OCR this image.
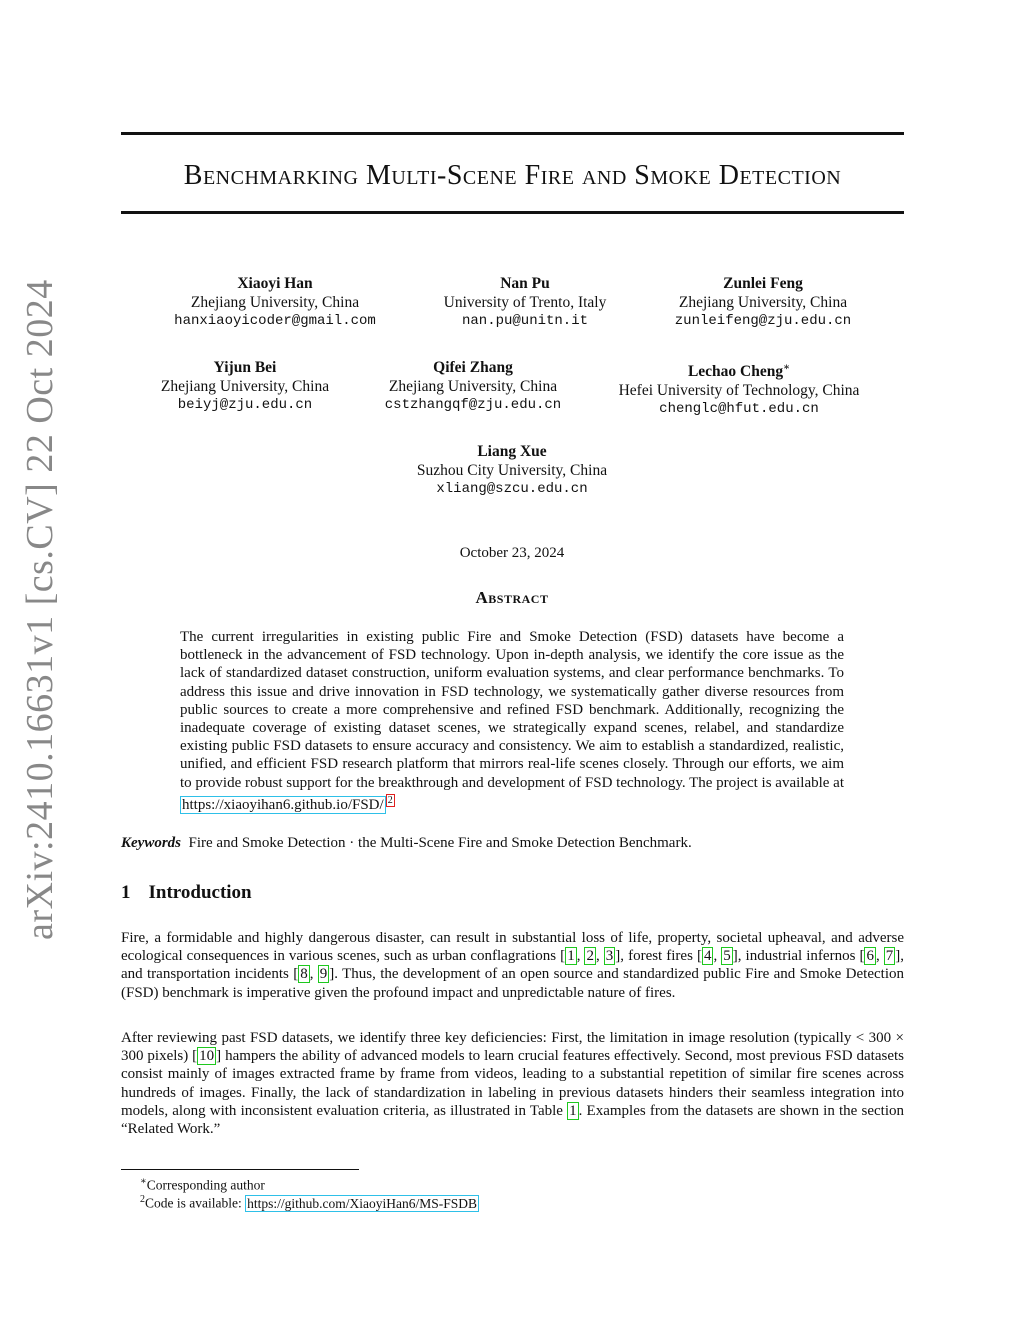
arXiv:2410.16631v1 [cs.CV] 22 Oct 2024
Benchmarking Multi-Scene Fire and Smoke Detection
Xiaoyi Han
Zhejiang University, China
hanxiaoyicoder@gmail.com
Nan Pu
University of Trento, Italy
nan.pu@unitn.it
Zunlei Feng
Zhejiang University, China
zunleifeng@zju.edu.cn
Yijun Bei
Zhejiang University, China
beiyj@zju.edu.cn
Qifei Zhang
Zhejiang University, China
cstzhangqf@zju.edu.cn
Lechao Cheng∗
Hefei University of Technology, China
chenglc@hfut.edu.cn
Liang Xue
Suzhou City University, China
xliang@szcu.edu.cn
October 23, 2024
Abstract
The current irregularities in existing public Fire and Smoke Detection (FSD) datasets have become a bottleneck in the advancement of FSD technology. Upon in-depth analysis, we identify the core issue as the lack of standardized dataset construction, uniform evaluation systems, and clear performance benchmarks. To address this issue and drive innovation in FSD technology, we systematically gather diverse resources from public sources to create a more comprehensive and refined FSD benchmark. Additionally, recognizing the inadequate coverage of existing dataset scenes, we strategically expand scenes, relabel, and standardize existing public FSD datasets to ensure accuracy and consistency. We aim to establish a standardized, realistic, unified, and efficient FSD research platform that mirrors real-life scenes closely. Through our efforts, we aim to provide robust support for the breakthrough and development of FSD technology. The project is available at https://xiaoyihan6.github.io/FSD/ $^2$
Keywords Fire and Smoke Detection · the Multi-Scene Fire and Smoke Detection Benchmark.
1 Introduction
Fire, a formidable and highly dangerous disaster, can result in substantial loss of life, property, societal upheaval, and adverse ecological consequences in various scenes, such as urban conflagrations [ 1 , 2 , 3 ], forest fires [ 4 , 5 ], industrial infernos [ 6 , 7 ], and transportation incidents [ 8 , 9 ]. Thus, the development of an open source and standardized public Fire and Smoke Detection (FSD) benchmark is imperative given the profound impact and unpredictable nature of fires.
After reviewing past FSD datasets, we identify three key deficiencies: First, the limitation in image resolution (typically < 300 × 300 pixels) [ 10 ] hampers the ability of advanced models to learn crucial features effectively. Second, most previous FSD datasets consist mainly of images extracted frame by frame from videos, leading to a substantial repetition of similar fire scenes across hundreds of images. Finally, the lack of standardization in labeling in previous datasets hinders their seamless integration into models, along with inconsistent evaluation criteria, as illustrated in Table 1 . Examples from the datasets are shown in the section “Related Work.”
∗Corresponding author
$^2$Code is available: https://github.com/XiaoyiHan6/MS-FSDB
